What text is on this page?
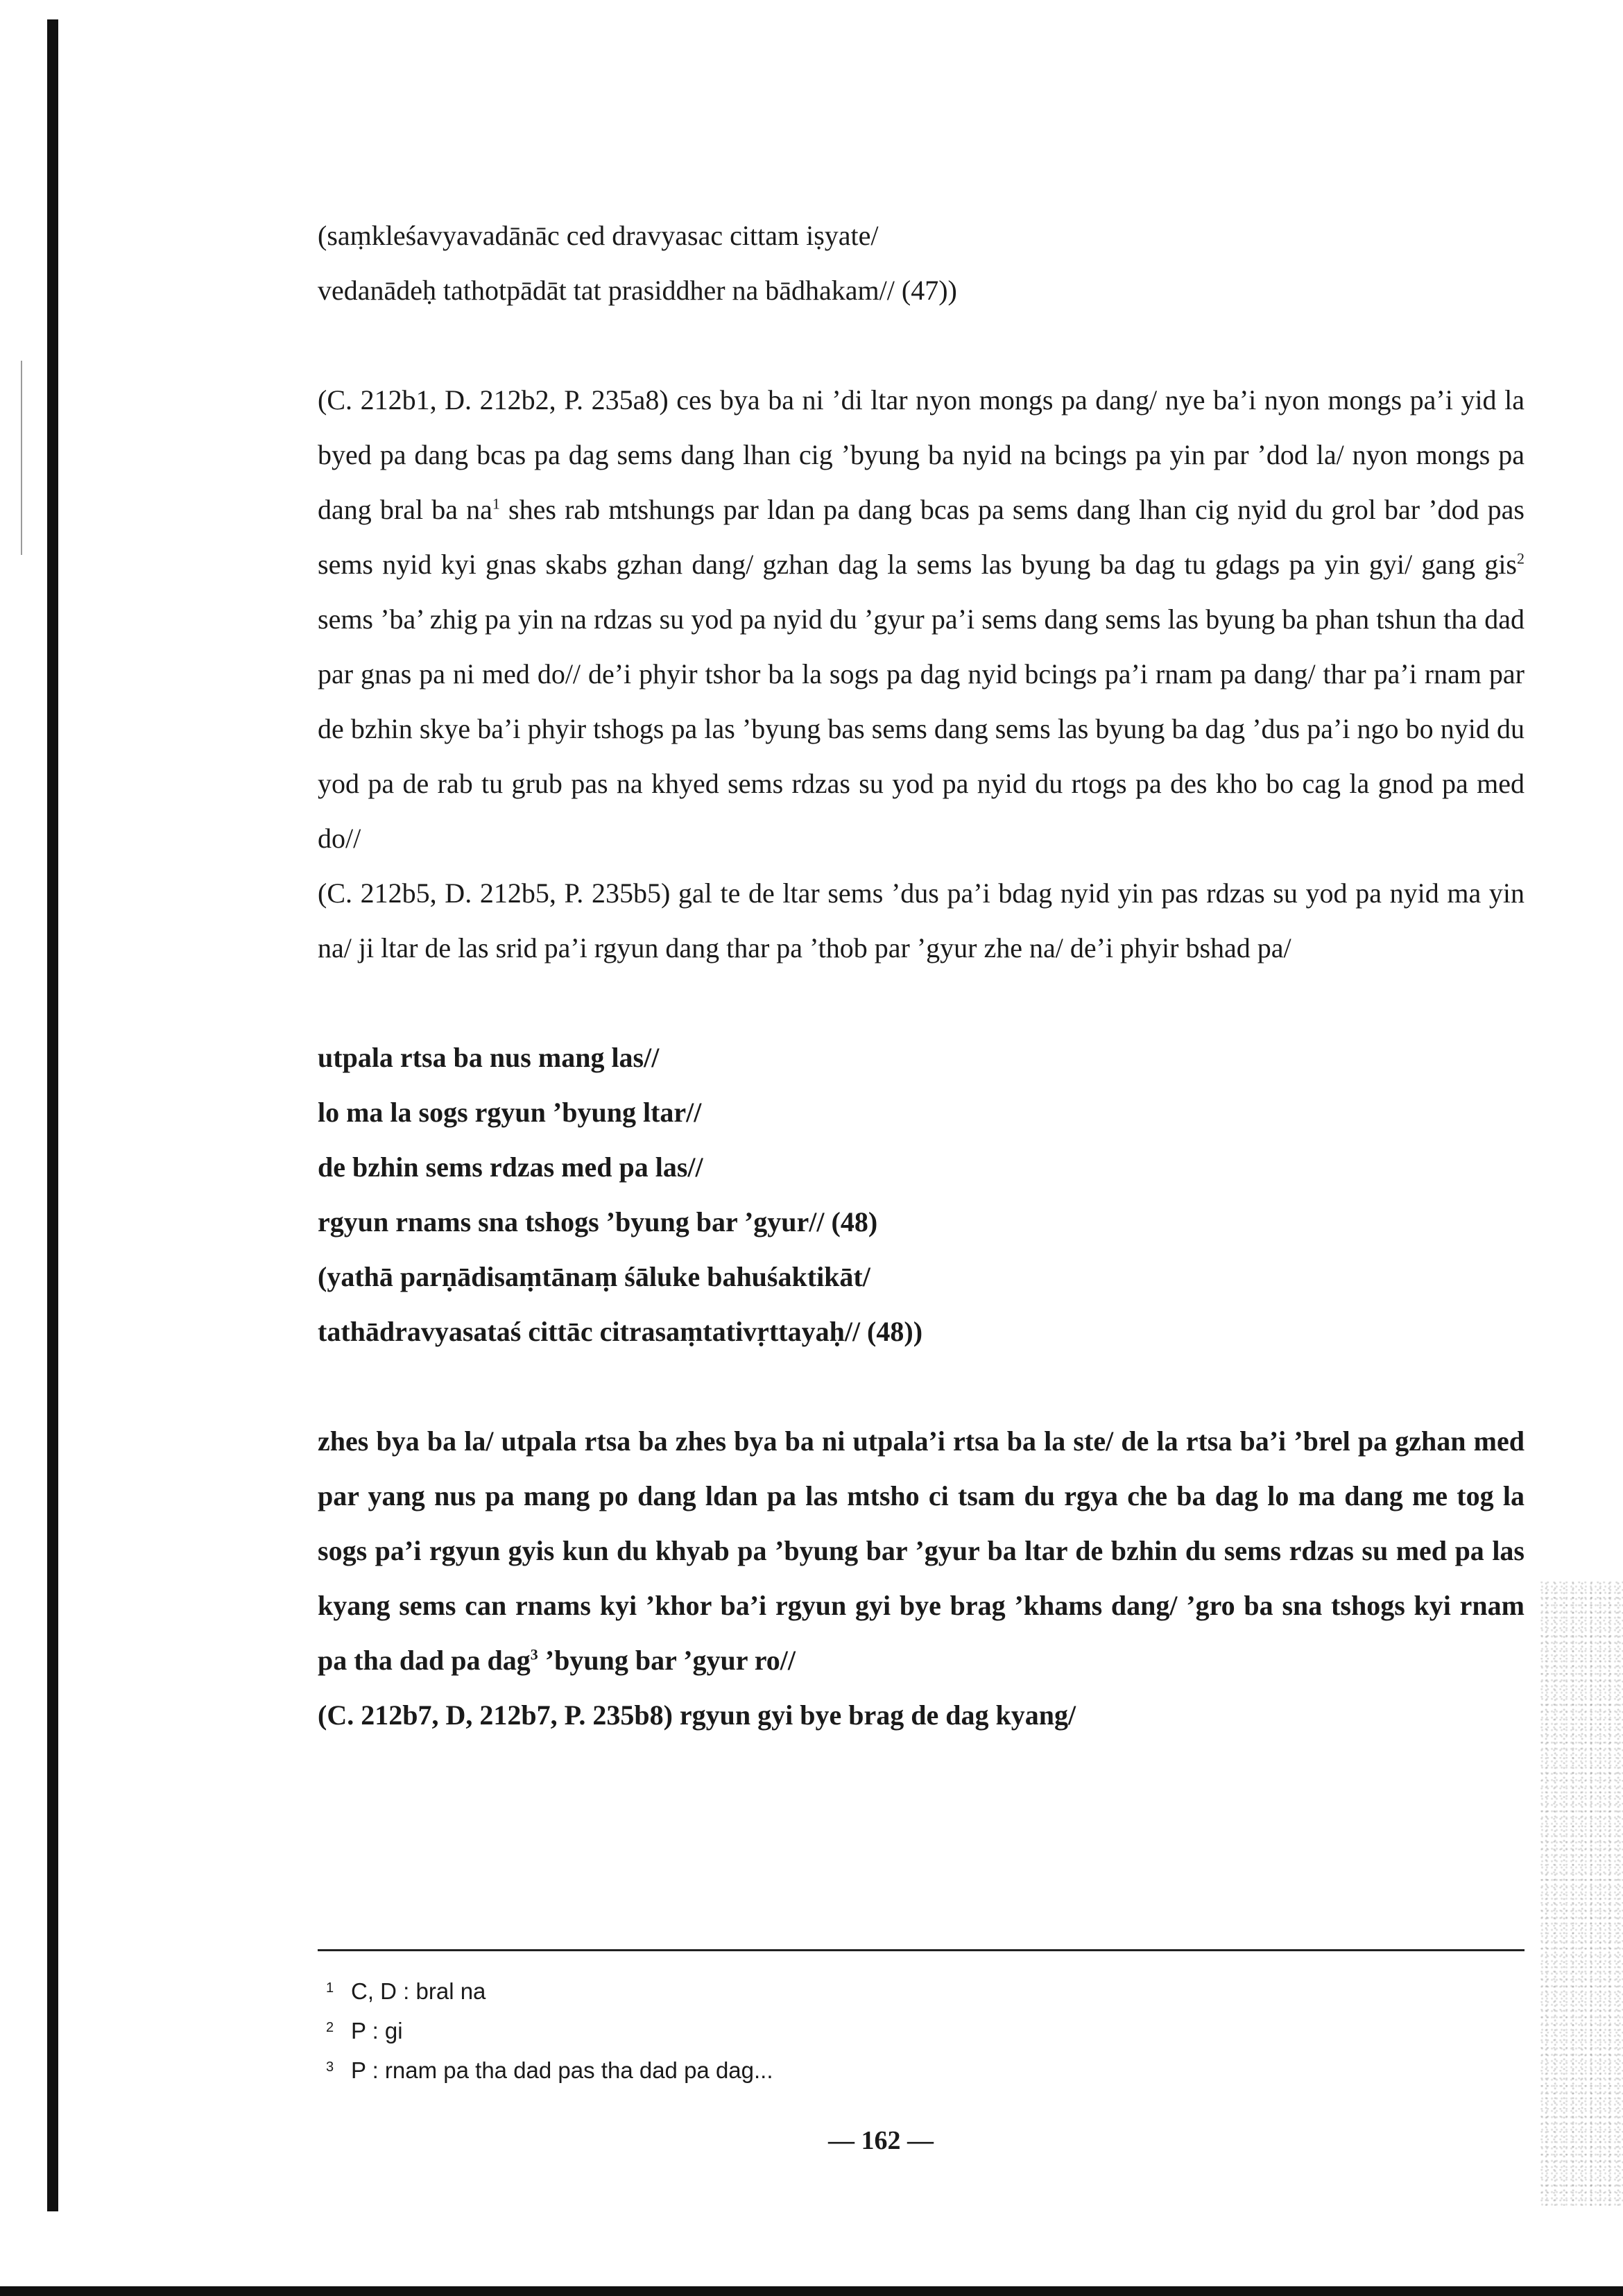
(saṃkleśavyavadānāc ced dravyasac cittam iṣyate/
vedanādeḥ tathotpādāt tat prasiddher na bādhakam// (47))

(C. 212b1, D. 212b2, P. 235a8) ces bya ba ni ’di ltar nyon mongs pa dang/ nye ba’i nyon mongs pa’i yid la byed pa dang bcas pa dag sems dang lhan cig ’byung ba nyid na bcings pa yin par ’dod la/ nyon mongs pa dang bral ba $na^1$ shes rab mtshungs par ldan pa dang bcas pa sems dang lhan cig nyid du grol bar ’dod pas sems nyid kyi gnas skabs gzhan dang/ gzhan dag la sems las byung ba dag tu gdags pa yin gyi/ gang gis$^2$ sems ’ba’ zhig pa yin na rdzas su yod pa nyid du ’gyur pa’i sems dang sems las byung ba phan tshun tha dad par gnas pa ni med do// de’i phyir tshor ba la sogs pa dag nyid bcings pa’i rnam pa dang/ thar pa’i rnam par de bzhin skye ba’i phyir tshogs pa las ’byung bas sems dang sems las byung ba dag ’dus pa’i ngo bo nyid du yod pa de rab tu grub pas na khyed sems rdzas su yod pa nyid du rtogs pa des kho bo cag la gnod pa med do//

(C. 212b5, D. 212b5, P. 235b5) gal te de ltar sems ’dus pa’i bdag nyid yin pas rdzas su yod pa nyid ma yin na/ ji ltar de las srid pa’i rgyun dang thar pa ’thob par ’gyur zhe na/ de’i phyir bshad pa/

utpala rtsa ba nus mang las//
lo ma la sogs rgyun ’byung ltar//
de bzhin sems rdzas med pa las//
rgyun rnams sna tshogs ’byung bar ’gyur// (48)
(yathā parṇādisaṃtānaṃ śāluke bahuśaktikāt/
tathādravyasataś cittāc citrasaṃtativṛttayaḥ// (48))

zhes bya ba la/ utpala rtsa ba zhes bya ba ni utpala’i rtsa ba la ste/ de la rtsa ba’i ’brel pa gzhan med par yang nus pa mang po dang ldan pa las mtsho ci tsam du rgya che ba dag lo ma dang me tog la sogs pa’i rgyun gyis kun du khyab pa ’byung bar ’gyur ba ltar de bzhin du sems rdzas su med pa las kyang sems can rnams kyi ’khor ba’i rgyun gyi bye brag ’khams dang/ ’gro ba sna tshogs kyi rnam pa tha dad pa dag$^3$ ’byung bar ’gyur ro//

(C. 212b7, D, 212b7, P. 235b8) rgyun gyi bye brag de dag kyang/

1 C, D : bral na
2 P : gi
3 P : rnam pa tha dad pas tha dad pa dag...
— 162 —
